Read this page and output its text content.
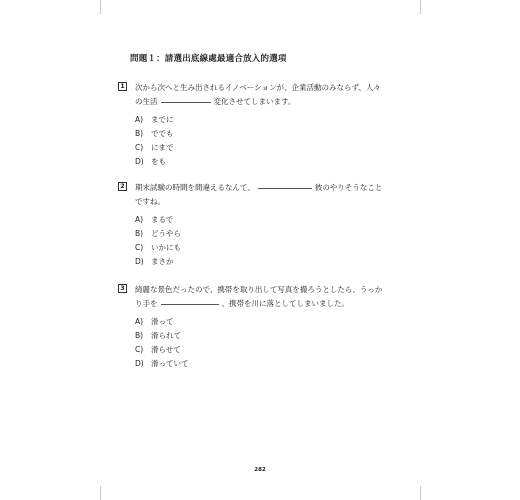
問題１：請選出底線處最適合放入的選項
1 次から次へと生み出されるイノベーションが、企業活動のみならず、人々
の生活	変化させてしまいます。
A) までに
B) ででも
C) にまで
D) をも
2 期末試験の時間を間違えるなんて、	彼のやりそうなこと
ですね。
A) まるで
B) どうやら
C) いかにも
D) まさか
3 綺麗な景色だったので、携帯を取り出して写真を撮ろうとしたら、うっか
り手を	、携帯を川に落としてしまいました。
A) 滑って
B) 滑られて
C) 滑らせて
D) 滑っていて
282
